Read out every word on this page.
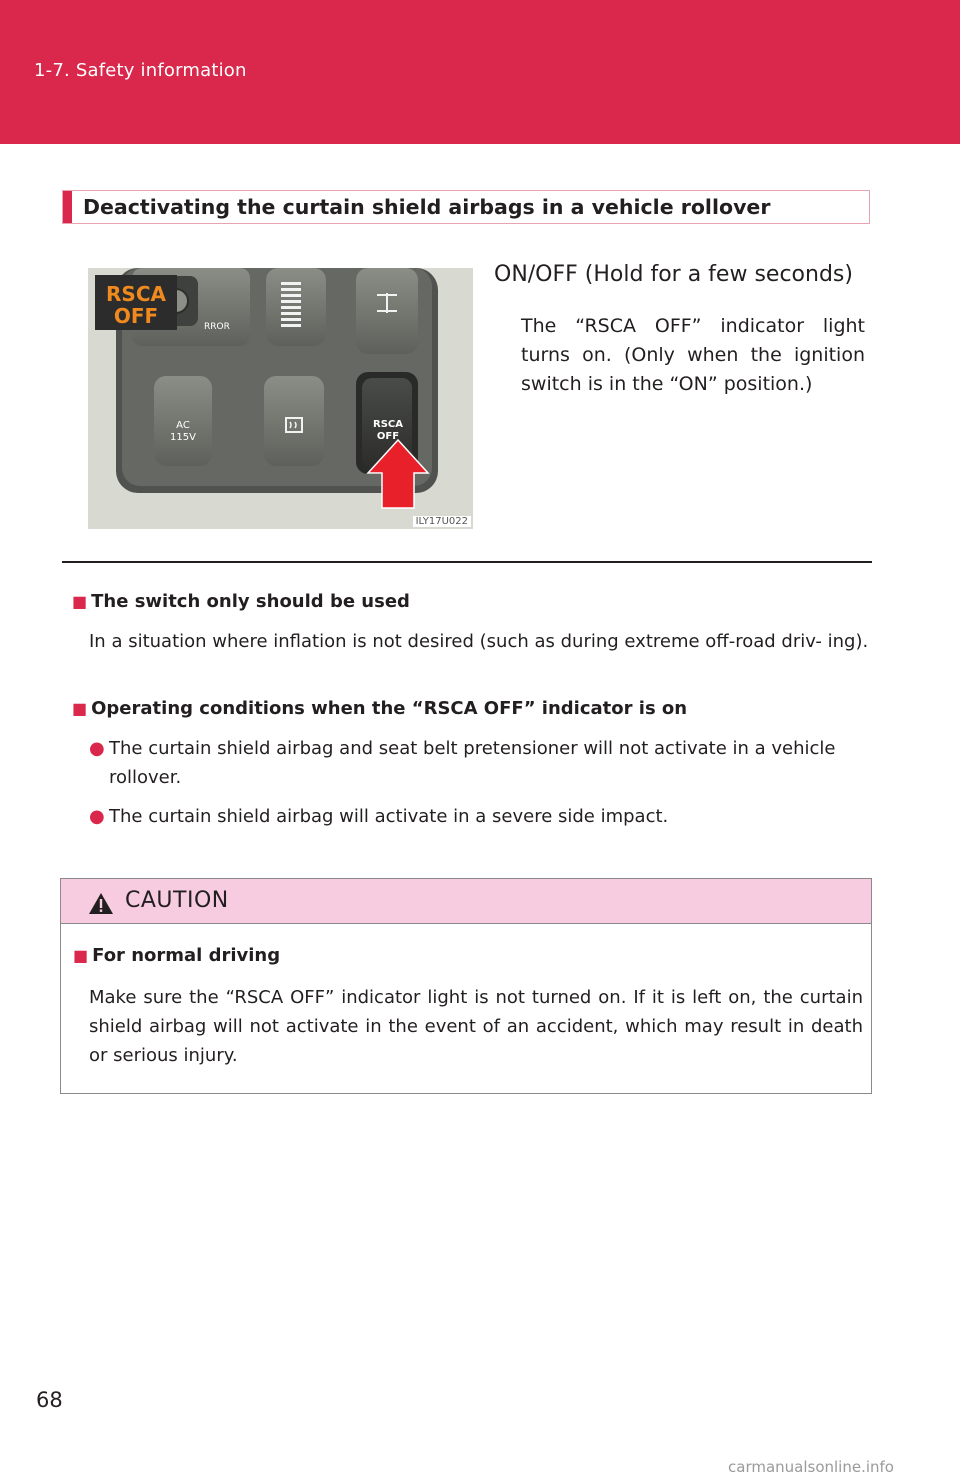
1-7. Safety information
Deactivating the curtain shield airbags in a vehicle rollover
RROR
AC
115V
RSCA
OFF
RSCA
OFF
ILY17U022
ON/OFF (Hold for a few seconds)
The “RSCA OFF” indicator light turns on. (Only when the ignition switch is in the “ON” position.)
■ The switch only should be used
In a situation where inflation is not desired (such as during extreme off-road driv- ing).
■ Operating conditions when the “RSCA OFF” indicator is on
● The curtain shield airbag and seat belt pretensioner will not activate in a vehicle rollover.
● The curtain shield airbag will activate in a severe side impact.
CAUTION
■ For normal driving
Make sure the “RSCA OFF” indicator light is not turned on. If it is left on, the curtain shield airbag will not activate in the event of an accident, which may result in death or serious injury.
68
carmanualsonline.info
